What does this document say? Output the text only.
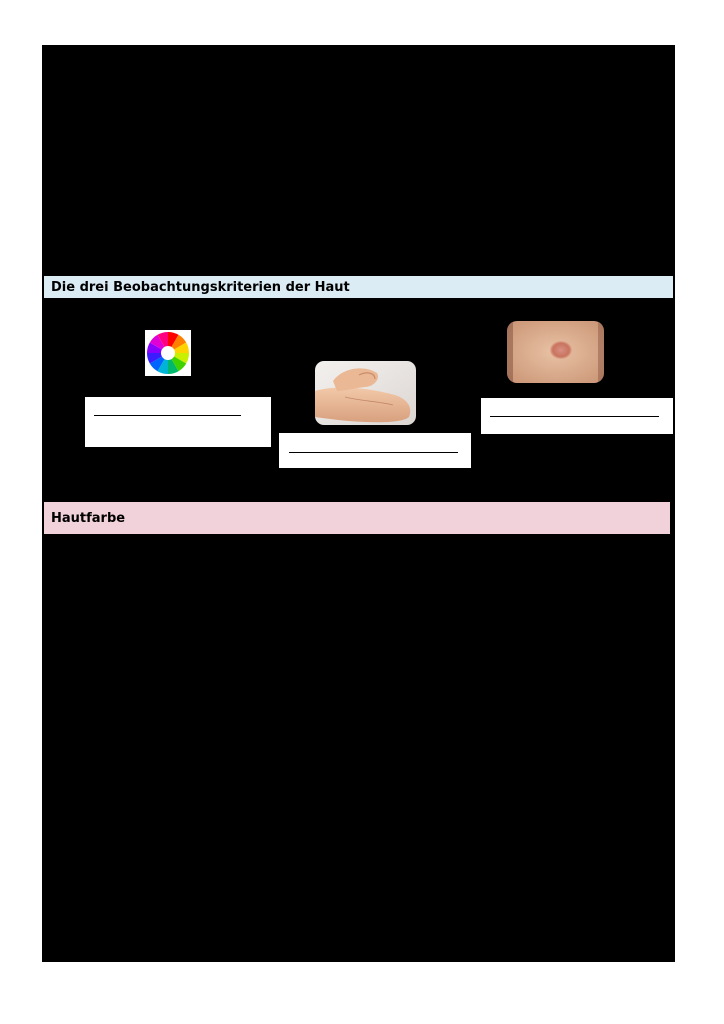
Die drei Beobachtungskriterien der Haut
Hautfarbe
